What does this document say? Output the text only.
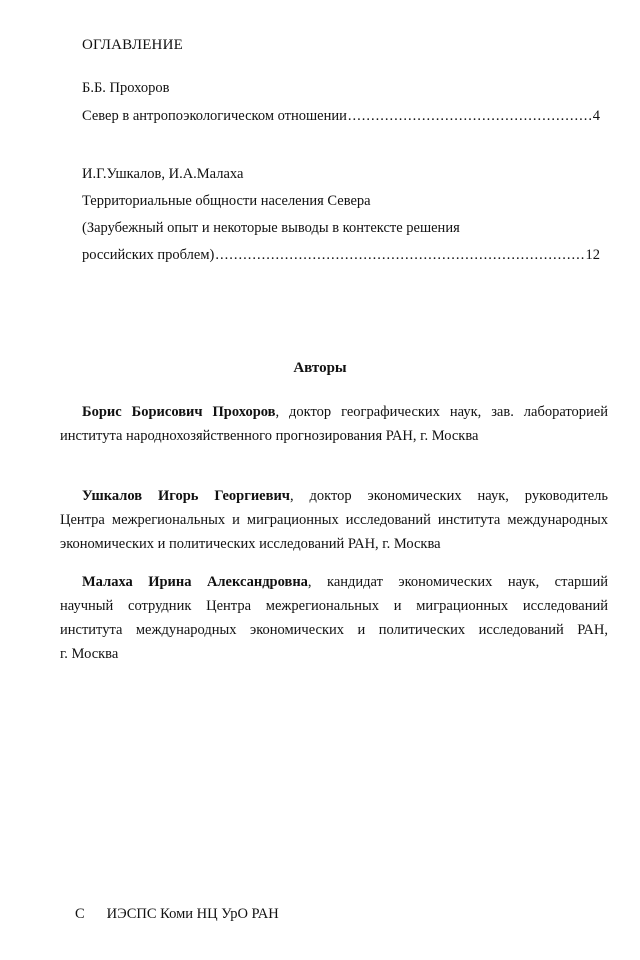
ОГЛАВЛЕНИЕ
Б.Б. Прохоров
Север в антропоэкологическом отношении .....	4
И.Г.Ушкалов, И.А.Малаха
Территориальные общности населения Севера
(Зарубежный опыт и некоторые выводы в контексте решения
российских проблем) .....	12
Авторы
Борис Борисович Прохоров, доктор географических наук, зав. лабораторией
института народнохозяйственного прогнозирования РАН, г. Москва
Ушкалов Игорь Георгиевич, доктор экономических наук, руководитель
Центра межрегиональных и миграционных исследований института международных
экономических и политических исследований РАН, г. Москва
Малаха Ирина Александровна, кандидат экономических наук, старший
научный сотрудник Центра межрегиональных и миграционных исследований
института международных экономических и политических исследований РАН,
г. Москва
С ИЭСПС Коми НЦ УрО РАН
